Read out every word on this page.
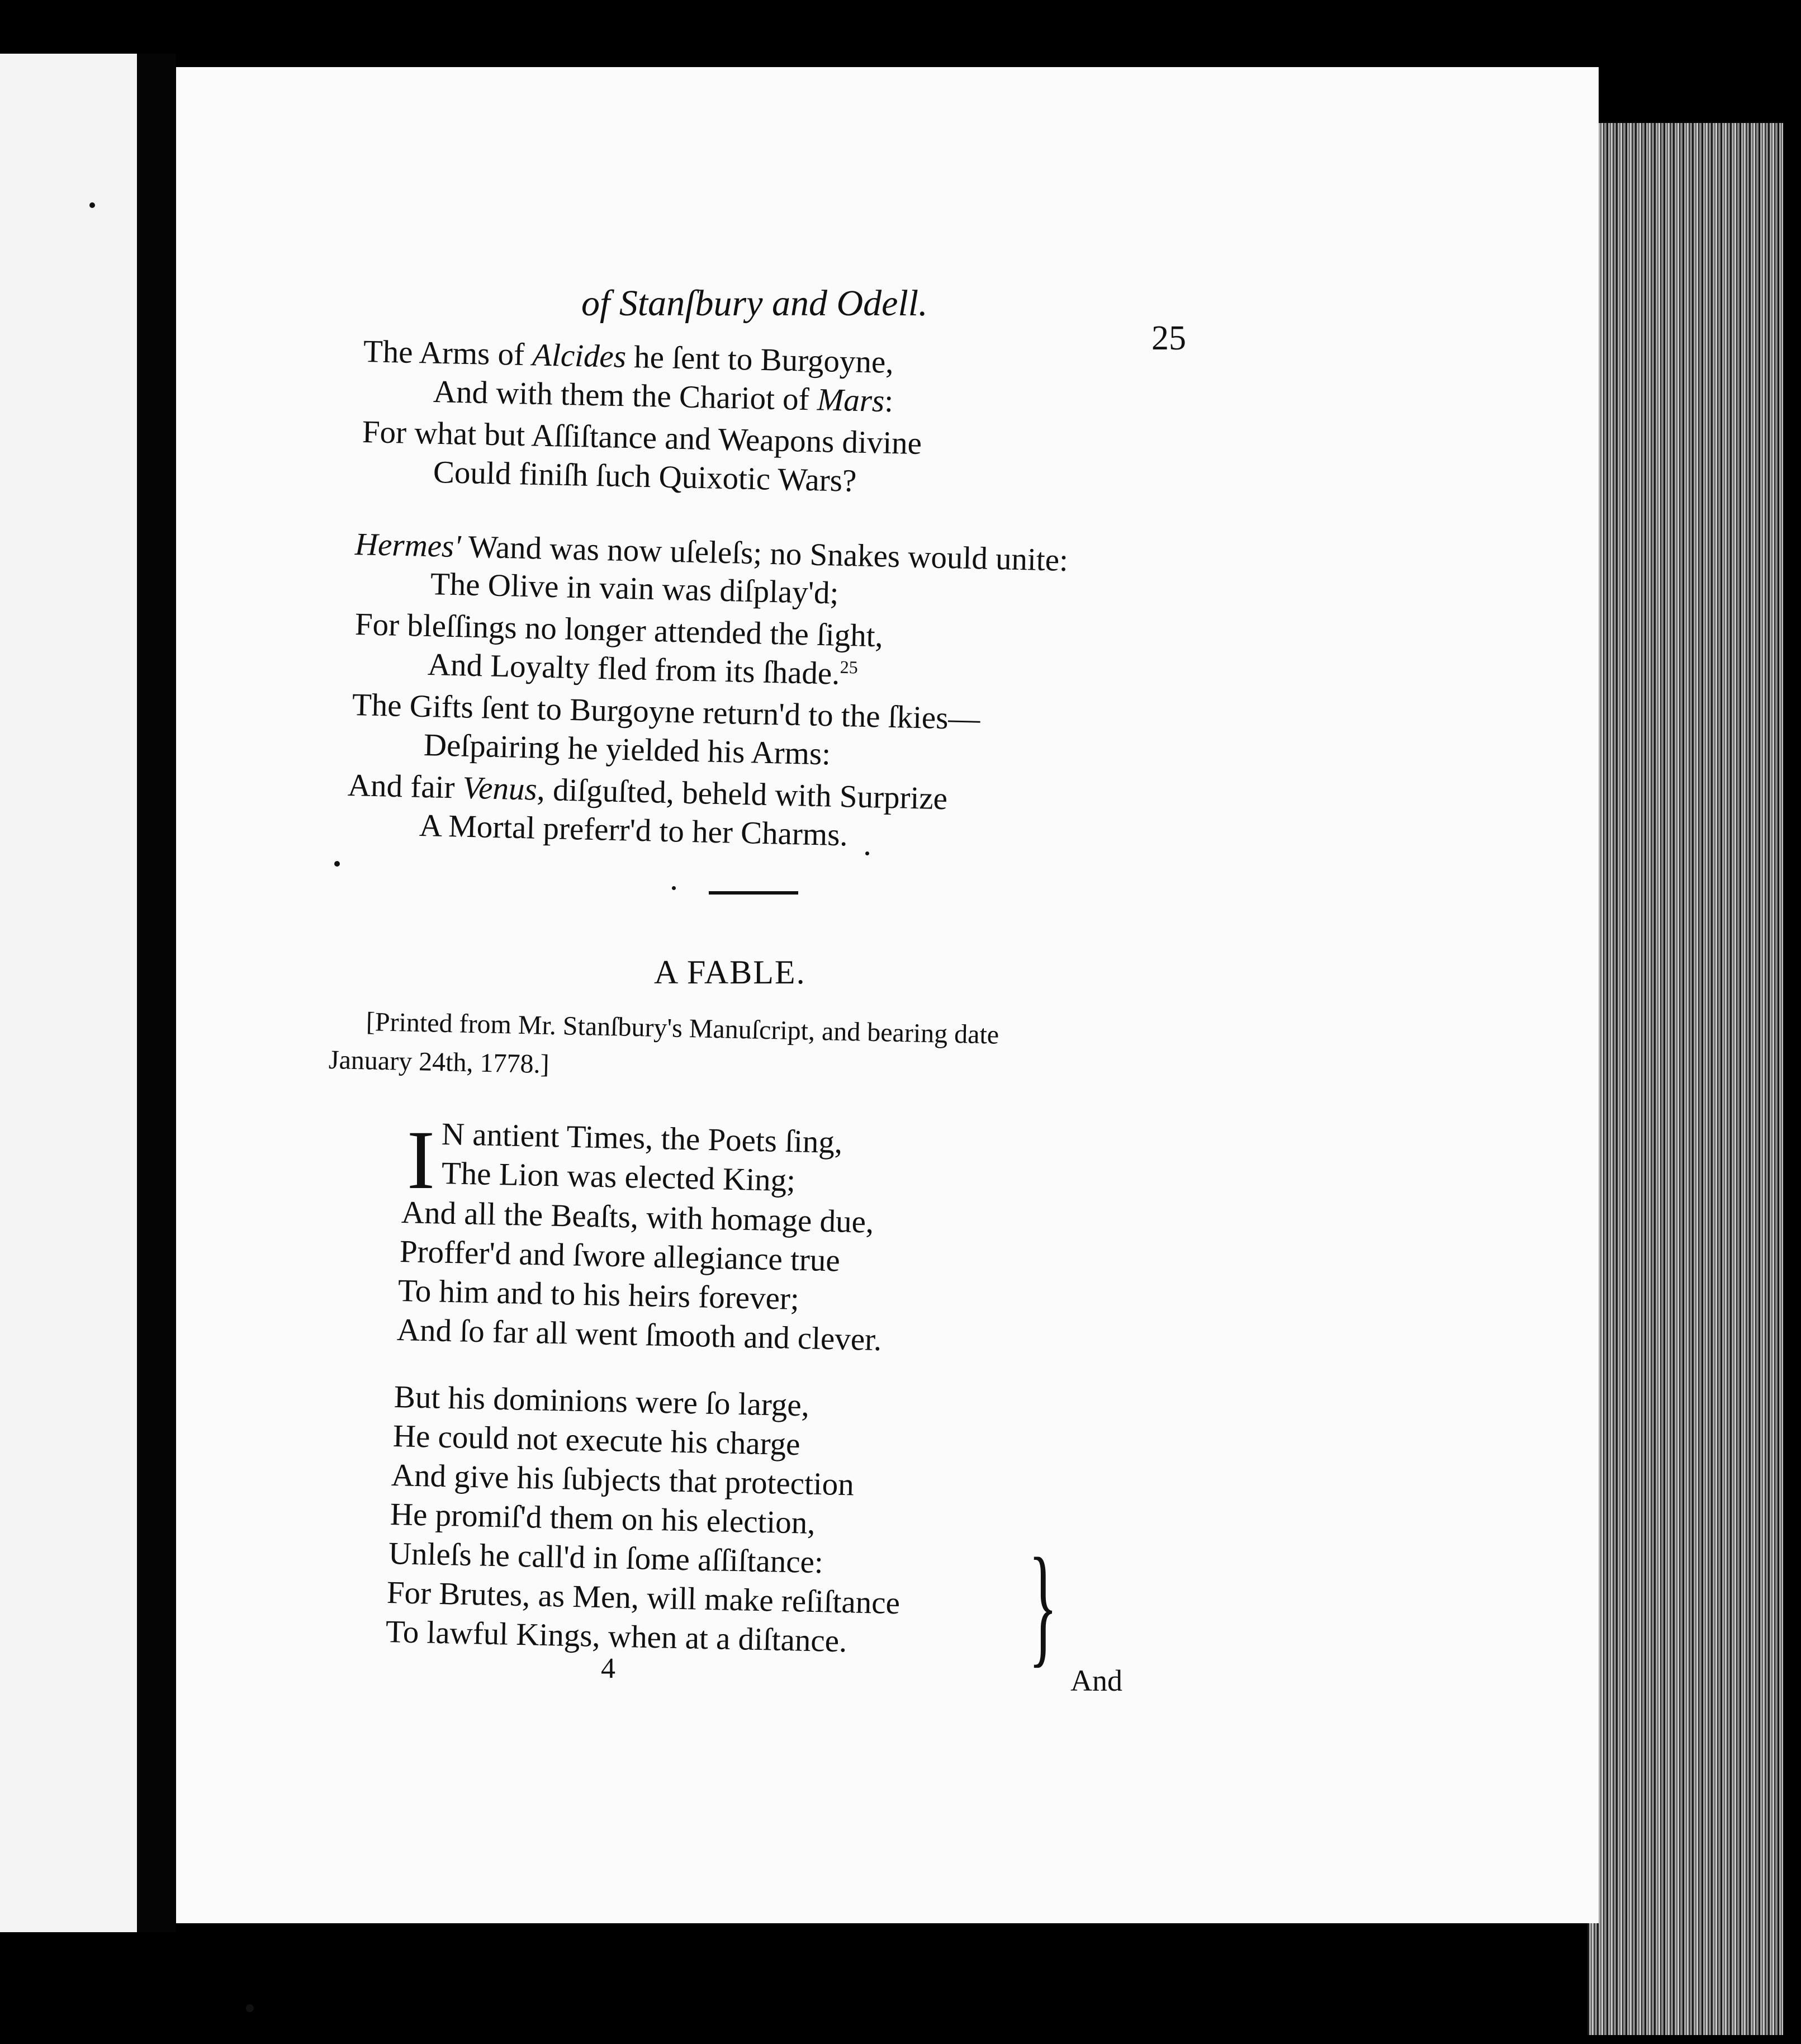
of Stanſbury and Odell.
25
The Arms of Alcides he ſent to Burgoyne,
And with them the Chariot of Mars:
For what but Aſſiſtance and Weapons divine
Could finiſh ſuch Quixotic Wars?
Hermes' Wand was now uſeleſs; no Snakes would unite:
The Olive in vain was diſplay'd;
For bleſſings no longer attended the ſight,
And Loyalty fled from its ſhade.$^{25}$
The Gifts ſent to Burgoyne return'd to the ſkies—
Deſpairing he yielded his Arms:
And fair Venus, diſguſted, beheld with Surprize
A Mortal preferr'd to her Charms.
A FABLE.
[Printed from Mr. Stanſbury's Manuſcript, and bearing date
January 24th, 1778.]
I N antient Times, the Poets ſing,
The Lion was elected King;
And all the Beaſts, with homage due,
Proffer'd and ſwore allegiance true
To him and to his heirs forever;
And ſo far all went ſmooth and clever.
But his dominions were ſo large,
He could not execute his charge
And give his ſubjects that protection
He promiſ'd them on his election,
Unleſs he call'd in ſome aſſiſtance:
For Brutes, as Men, will make reſiſtance
To lawful Kings, when at a diſtance. }
4	And
